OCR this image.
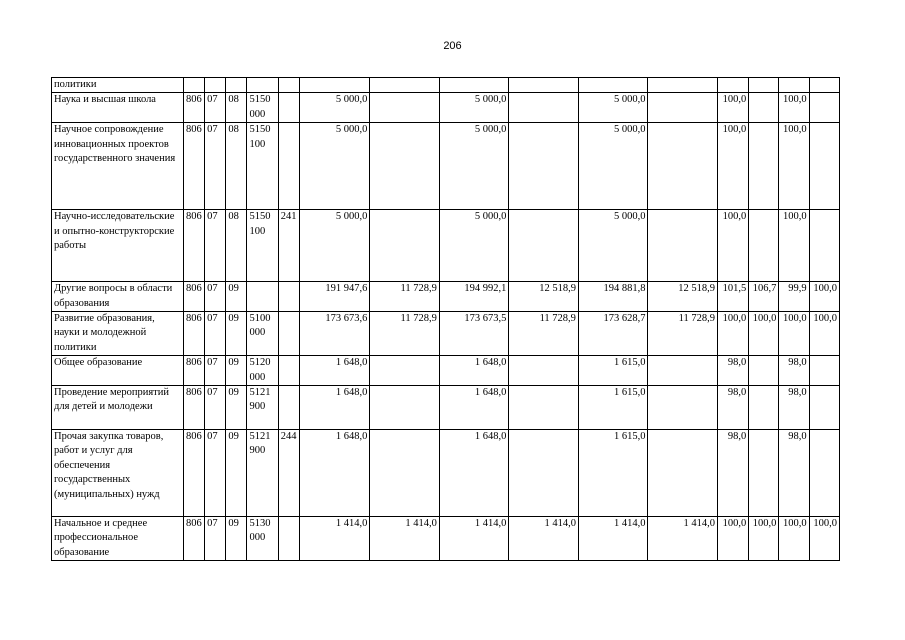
206
политики															
Наука и высшая школа	806	07	08	5150 000		5 000,0		5 000,0		5 000,0		100,0		100,0	
Научное сопровождение инновационных проектов государственного значения	806	07	08	5150 100		5 000,0		5 000,0		5 000,0		100,0		100,0	
Научно-исследовательские и опытно-конструкторские работы	806	07	08	5150 100	241	5 000,0		5 000,0		5 000,0		100,0		100,0	
Другие вопросы в области образования	806	07	09			191 947,6	11 728,9	194 992,1	12 518,9	194 881,8	12 518,9	101,5	106,7	99,9	100,0
Развитие образования, науки и молодежной политики	806	07	09	5100 000		173 673,6	11 728,9	173 673,5	11 728,9	173 628,7	11 728,9	100,0	100,0	100,0	100,0
Общее образование	806	07	09	5120 000		1 648,0		1 648,0		1 615,0		98,0		98,0	
Проведение мероприятий для детей и молодежи	806	07	09	5121 900		1 648,0		1 648,0		1 615,0		98,0		98,0	
Прочая закупка товаров, работ и услуг для обеспечения государственных (муниципальных) нужд	806	07	09	5121 900	244	1 648,0		1 648,0		1 615,0		98,0		98,0	
Начальное и среднее профессиональное образование	806	07	09	5130 000		1 414,0	1 414,0	1 414,0	1 414,0	1 414,0	1 414,0	100,0	100,0	100,0	100,0
